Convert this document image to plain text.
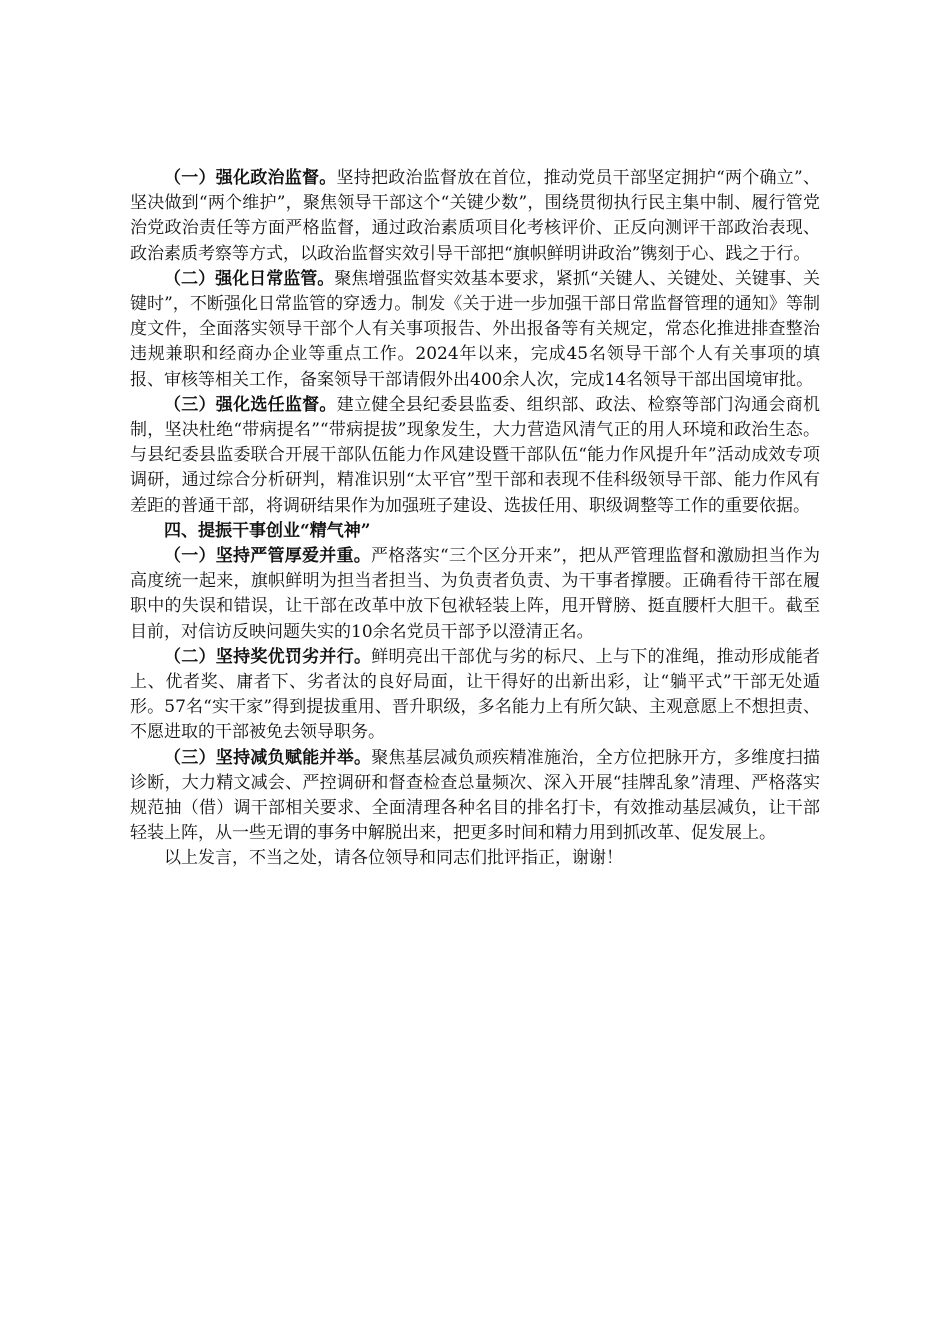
（一）强化政治监督。坚持把政治监督放在首位，推动党员干部坚定拥护“两个确立”、坚决做到“两个维护”，聚焦领导干部这个“关键少数”，围绕贯彻执行民主集中制、履行管党治党政治责任等方面严格监督，通过政治素质项目化考核评价、正反向测评干部政治表现、政治素质考察等方式，以政治监督实效引导干部把“旗帜鲜明讲政治”镌刻于心、践之于行。

（二）强化日常监管。聚焦增强监督实效基本要求，紧抓“关键人、关键处、关键事、关键时”，不断强化日常监管的穿透力。制发《关于进一步加强干部日常监督管理的通知》等制度文件，全面落实领导干部个人有关事项报告、外出报备等有关规定，常态化推进排查整治违规兼职和经商办企业等重点工作。2024年以来，完成45名领导干部个人有关事项的填报、审核等相关工作，备案领导干部请假外出400余人次，完成14名领导干部出国境审批。

（三）强化选任监督。建立健全县纪委县监委、组织部、政法、检察等部门沟通会商机制，坚决杜绝“带病提名”“带病提拔”现象发生，大力营造风清气正的用人环境和政治生态。与县纪委县监委联合开展干部队伍能力作风建设暨干部队伍“能力作风提升年”活动成效专项调研，通过综合分析研判，精准识别“太平官”型干部和表现不佳科级领导干部、能力作风有差距的普通干部，将调研结果作为加强班子建设、选拔任用、职级调整等工作的重要依据。

四、提振干事创业“精气神”

（一）坚持严管厚爱并重。严格落实“三个区分开来”，把从严管理监督和激励担当作为高度统一起来，旗帜鲜明为担当者担当、为负责者负责、为干事者撑腰。正确看待干部在履职中的失误和错误，让干部在改革中放下包袱轻装上阵，甩开臂膀、挺直腰杆大胆干。截至目前，对信访反映问题失实的10余名党员干部予以澄清正名。

（二）坚持奖优罚劣并行。鲜明亮出干部优与劣的标尺、上与下的准绳，推动形成能者上、优者奖、庸者下、劣者汰的良好局面，让干得好的出新出彩，让“躺平式”干部无处遁形。57名“实干家”得到提拔重用、晋升职级，多名能力上有所欠缺、主观意愿上不想担责、不愿进取的干部被免去领导职务。

（三）坚持减负赋能并举。聚焦基层减负顽疾精准施治，全方位把脉开方，多维度扫描诊断，大力精文减会、严控调研和督查检查总量频次、深入开展“挂牌乱象”清理、严格落实规范抽（借）调干部相关要求、全面清理各种名目的排名打卡，有效推动基层减负，让干部轻装上阵，从一些无谓的事务中解脱出来，把更多时间和精力用到抓改革、促发展上。

以上发言，不当之处，请各位领导和同志们批评指正，谢谢！
